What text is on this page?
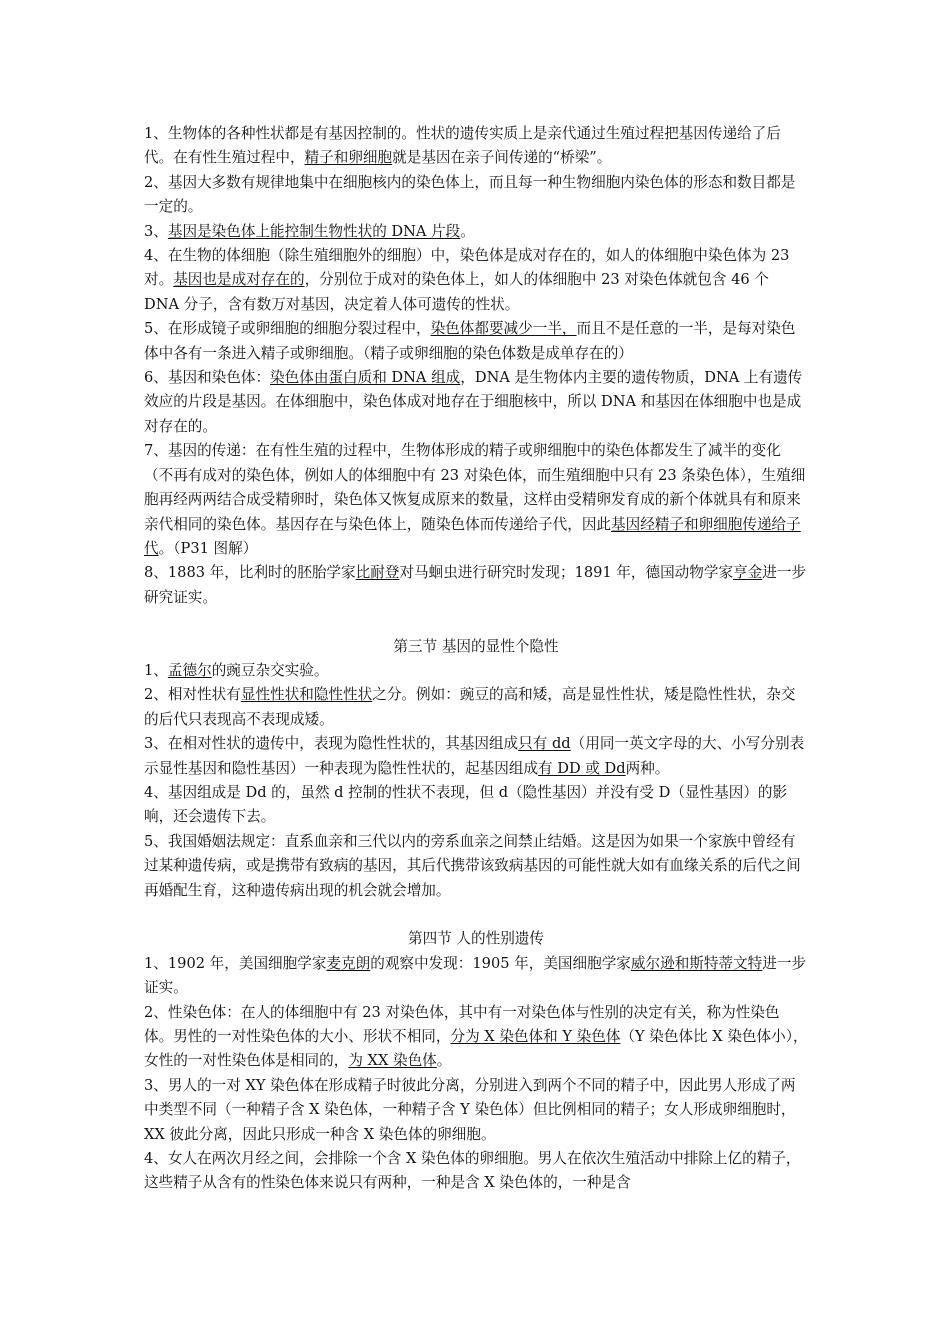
1、生物体的各种性状都是有基因控制的。性状的遗传实质上是亲代通过生殖过程把基因传递给了后代。在有性生殖过程中，精子和卵细胞就是基因在亲子间传递的“桥梁”。

2、基因大多数有规律地集中在细胞核内的染色体上，而且每一种生物细胞内染色体的形态和数目都是一定的。

3、基因是染色体上能控制生物性状的 DNA 片段。

4、在生物的体细胞（除生殖细胞外的细胞）中，染色体是成对存在的，如人的体细胞中染色体为 23 对。基因也是成对存在的，分别位于成对的染色体上，如人的体细胞中 23 对染色体就包含 46 个 DNA 分子，含有数万对基因，决定着人体可遗传的性状。

5、在形成镜子或卵细胞的细胞分裂过程中，染色体都要减少一半，而且不是任意的一半，是每对染色体中各有一条进入精子或卵细胞。（精子或卵细胞的染色体数是成单存在的）

6、基因和染色体：染色体由蛋白质和 DNA 组成，DNA 是生物体内主要的遗传物质，DNA 上有遗传效应的片段是基因。在体细胞中，染色体成对地存在于细胞核中，所以 DNA 和基因在体细胞中也是成对存在的。

7、基因的传递：在有性生殖的过程中，生物体形成的精子或卵细胞中的染色体都发生了减半的变化（不再有成对的染色体，例如人的体细胞中有 23 对染色体，而生殖细胞中只有 23 条染色体），生殖细胞再经两两结合成受精卵时，染色体又恢复成原来的数量，这样由受精卵发育成的新个体就具有和原来亲代相同的染色体。基因存在与染色体上，随染色体而传递给子代，因此基因经精子和卵细胞传递给子代。（P31 图解）

8、1883 年，比利时的胚胎学家比耐登对马蛔虫进行研究时发现；1891 年，德国动物学家亨金进一步研究证实。

第三节 基因的显性个隐性

1、孟德尔的豌豆杂交实验。

2、相对性状有显性性状和隐性性状之分。例如：豌豆的高和矮，高是显性性状，矮是隐性性状，杂交的后代只表现高不表现成矮。

3、在相对性状的遗传中，表现为隐性性状的，其基因组成只有 dd（用同一英文字母的大、小写分别表示显性基因和隐性基因）一种表现为隐性性状的，起基因组成有 DD 或 Dd两种。

4、基因组成是 Dd 的，虽然 d 控制的性状不表现，但 d（隐性基因）并没有受 D（显性基因）的影响，还会遗传下去。

5、我国婚姻法规定：直系血亲和三代以内的旁系血亲之间禁止结婚。这是因为如果一个家族中曾经有过某种遗传病，或是携带有致病的基因，其后代携带该致病基因的可能性就大如有血缘关系的后代之间再婚配生育，这种遗传病出现的机会就会增加。

第四节 人的性别遗传

1、1902 年，美国细胞学家麦克朗的观察中发现：1905 年，美国细胞学家威尔逊和斯特蒂文特进一步证实。

2、性染色体：在人的体细胞中有 23 对染色体，其中有一对染色体与性别的决定有关，称为性染色体。男性的一对性染色体的大小、形状不相同，分为 X 染色体和 Y 染色体（Y 染色体比 X 染色体小），女性的一对性染色体是相同的，为 XX 染色体。

3、男人的一对 XY 染色体在形成精子时彼此分离，分别进入到两个不同的精子中，因此男人形成了两中类型不同（一种精子含 X 染色体，一种精子含 Y 染色体）但比例相同的精子；女人形成卵细胞时，XX 彼此分离，因此只形成一种含 X 染色体的卵细胞。

4、女人在两次月经之间，会排除一个含 X 染色体的卵细胞。男人在依次生殖活动中排除上亿的精子，这些精子从含有的性染色体来说只有两种，一种是含 X 染色体的，一种是含
